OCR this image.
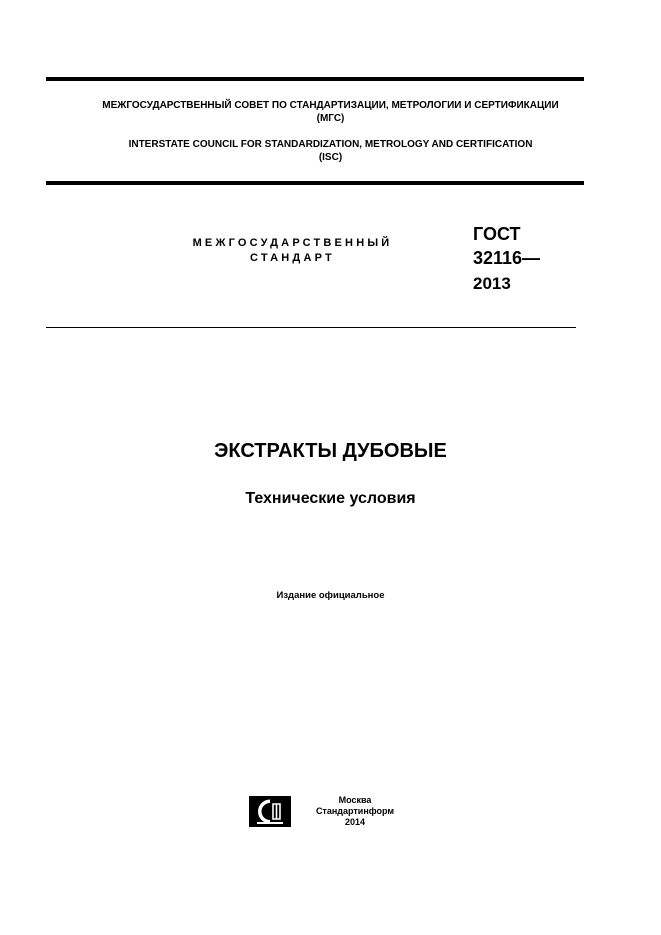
МЕЖГОСУДАРСТВЕННЫЙ СОВЕТ ПО СТАНДАРТИЗАЦИИ, МЕТРОЛОГИИ И СЕРТИФИКАЦИИ
(МГС)
INTERSTATE COUNCIL FOR STANDARDIZATION, METROLOGY AND CERTIFICATION
(ISC)
МЕЖГОСУДАРСТВЕННЫЙ
СТАНДАРТ
ГОСТ
32116—
2013
ЭКСТРАКТЫ ДУБОВЫЕ
Технические условия
Издание официальное
Москва
Стандартинформ
2014
